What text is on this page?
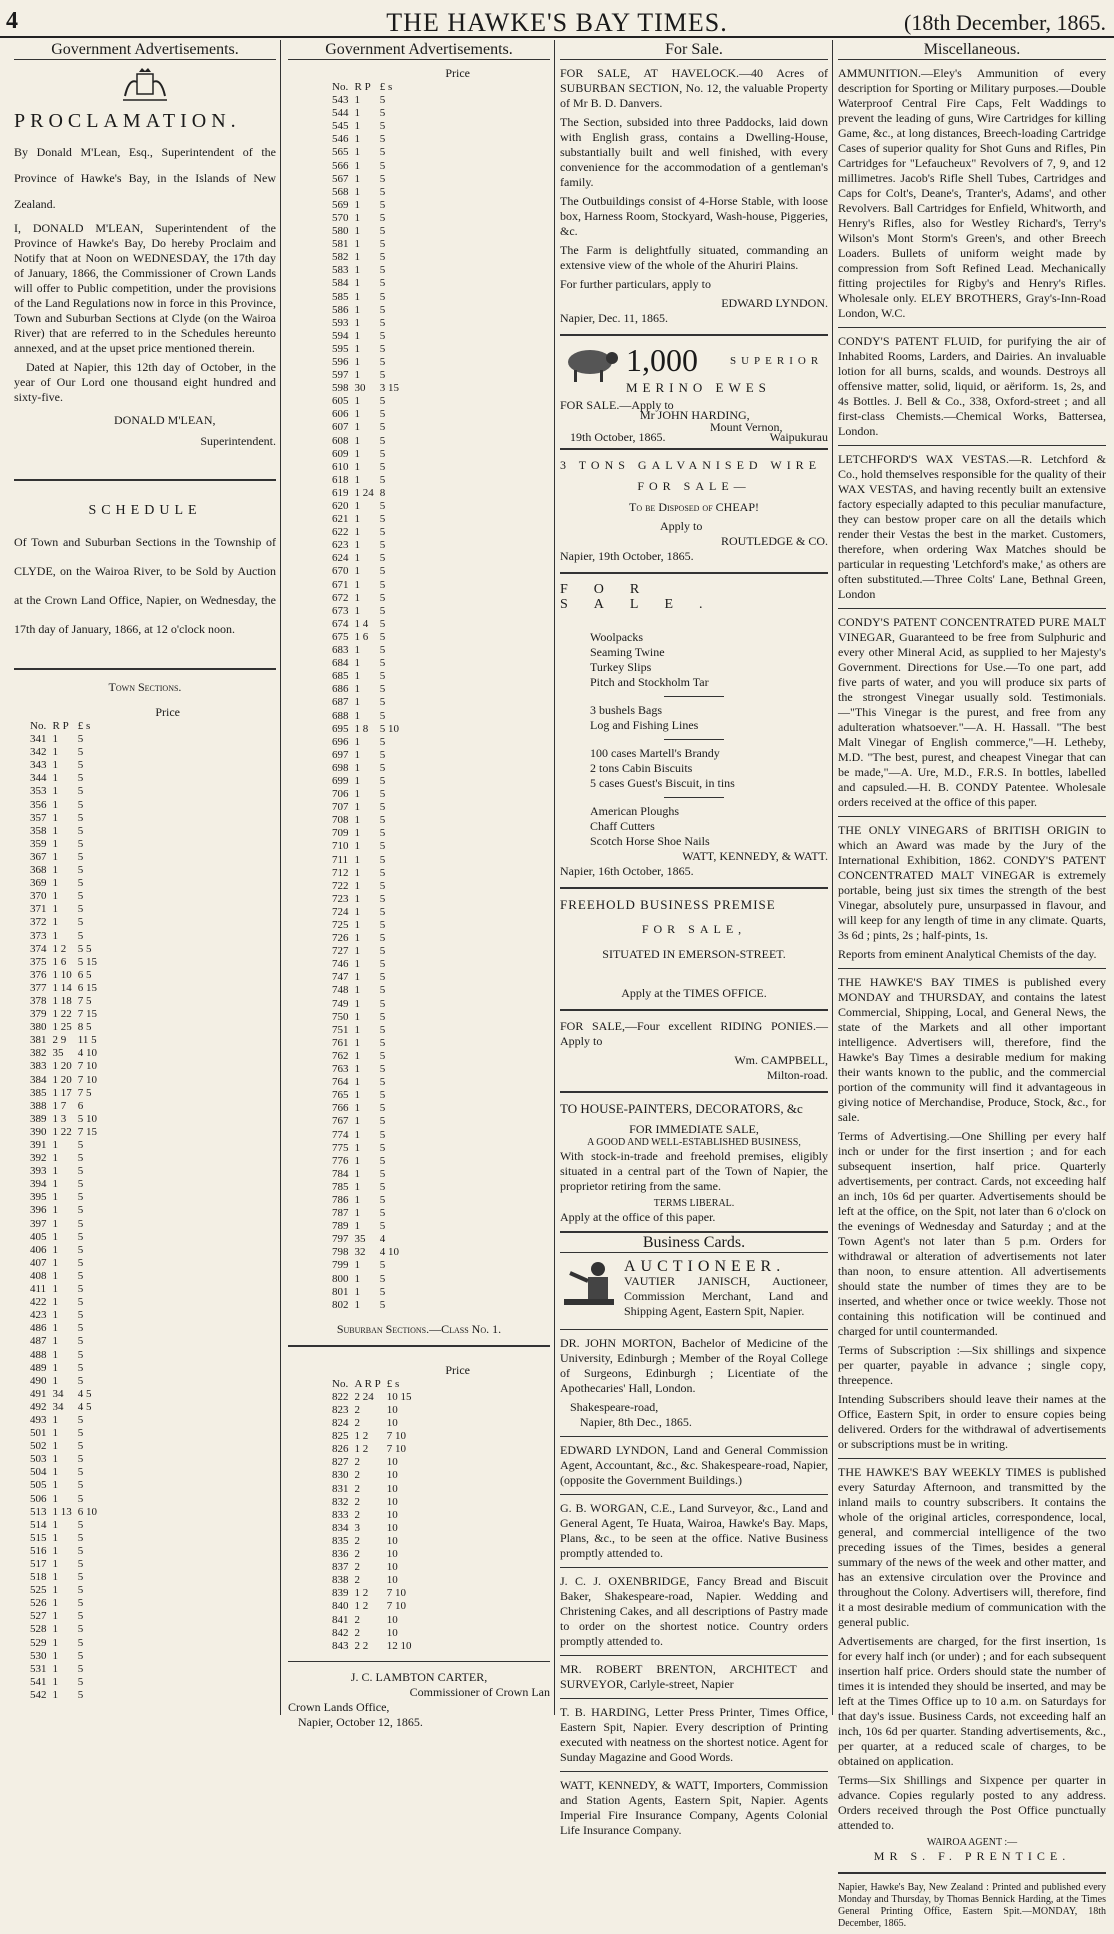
4	THE HAWKE'S BAY TIMES.	(18th December, 1865.
Government Advertisements.
PROCLAMATION.

By Donald M'Lean, Esq., Superintendent of the Province of Hawke's Bay, in the Islands of New Zealand.

I, DONALD M'LEAN, Superintendent of the Province of Hawke's Bay, Do hereby Proclaim and Notify that at Noon on WEDNESDAY, the 17th day of January, 1866, the Commissioner of Crown Lands will offer to Public competition, under the provisions of the Land Regulations now in force in this Province, Town and Suburban Sections at Clyde (on the Wairoa River) that are referred to in the Schedules hereunto annexed, and at the upset price mentioned therein.

Dated at Napier, this 12th day of October, in the year of Our Lord one thousand eight hundred and sixty-five.

DONALD M'LEAN,
Superintendent.
SCHEDULE

Of Town and Suburban Sections in the Township of CLYDE, on the Wairoa River, to be Sold by Auction at the Crown Land Office, Napier, on Wednesday, the 17th day of January, 1866, at 12 o'clock noon.

Town Sections.
Price
No.	R P	£ s
341	1	5
342	1	5
343	1	5
344	1	5
353	1	5
356	1	5
357	1	5
358	1	5
359	1	5
367	1	5
368	1	5
369	1	5
370	1	5
371	1	5
372	1	5
373	1	5
374	1 2	5 5
375	1 6	5 15
376	1 10	6 5
377	1 14	6 15
378	1 18	7 5
379	1 22	7 15
380	1 25	8 5
381	2 9	11 5
382	35	4 10
383	1 20	7 10
384	1 20	7 10
385	1 17	7 5
388	1 7	6
389	1 3	5 10
390	1 22	7 15
391	1	5
392	1	5
393	1	5
394	1	5
395	1	5
396	1	5
397	1	5
405	1	5
406	1	5
407	1	5
408	1	5
411	1	5
422	1	5
423	1	5
486	1	5
487	1	5
488	1	5
489	1	5
490	1	5
491	34	4 5
492	34	4 5
493	1	5
501	1	5
502	1	5
503	1	5
504	1	5
505	1	5
506	1	5
513	1 13	6 10
514	1	5
515	1	5
516	1	5
517	1	5
518	1	5
525	1	5
526	1	5
527	1	5
528	1	5
529	1	5
530	1	5
531	1	5
541	1	5
542	1	5
Government Advertisements.
Price
No.	R P	£ s
543	1	5
544	1	5
545	1	5
546	1	5
565	1	5
566	1	5
567	1	5
568	1	5
569	1	5
570	1	5
580	1	5
581	1	5
582	1	5
583	1	5
584	1	5
585	1	5
586	1	5
593	1	5
594	1	5
595	1	5
596	1	5
597	1	5
598	30	3 15
605	1	5
606	1	5
607	1	5
608	1	5
609	1	5
610	1	5
618	1	5
619	1 24	8
620	1	5
621	1	5
622	1	5
623	1	5
624	1	5
670	1	5
671	1	5
672	1	5
673	1	5
674	1 4	5
675	1 6	5
683	1	5
684	1	5
685	1	5
686	1	5
687	1	5
688	1	5
695	1 8	5 10
696	1	5
697	1	5
698	1	5
699	1	5
706	1	5
707	1	5
708	1	5
709	1	5
710	1	5
711	1	5
712	1	5
722	1	5
723	1	5
724	1	5
725	1	5
726	1	5
727	1	5
746	1	5
747	1	5
748	1	5
749	1	5
750	1	5
751	1	5
761	1	5
762	1	5
763	1	5
764	1	5
765	1	5
766	1	5
767	1	5
774	1	5
775	1	5
776	1	5
784	1	5
785	1	5
786	1	5
787	1	5
789	1	5
797	35	4
798	32	4 10
799	1	5
800	1	5
801	1	5
802	1	5
Suburban Sections.—Class No. 1.
Price
No.	A R P	£ s
822	2 24	10 15
823	2	10
824	2	10
825	1 2	7 10
826	1 2	7 10
827	2	10
830	2	10
831	2	10
832	2	10
833	2	10
834	3	10
835	2	10
836	2	10
837	2	10
838	2	10
839	1 2	7 10
840	1 2	7 10
841	2	10
842	2	10
843	2 2	12 10
J. C. LAMBTON CARTER,
Commissioner of Crown Lan
Crown Lands Office,
Napier, October 12, 1865.
For Sale.

FOR SALE, AT HAVELOCK.—40 Acres of SUBURBAN SECTION, No. 12, the valuable Property of Mr B. D. Danvers.

The Section, subsided into three Paddocks, laid down with English grass, contains a Dwelling-House, substantially built and well finished, with every convenience for the accommodation of a gentleman's family.

The Outbuildings consist of 4-Horse Stable, with loose box, Harness Room, Stockyard, Wash-house, Piggeries, &c.

The Farm is delightfully situated, commanding an extensive view of the whole of the Ahuriri Plains.

For further particulars, apply to

EDWARD LYNDON.
Napier, Dec. 11, 1865.
1,000	SUPERIOR
MERINO EWES
FOR SALE.—Apply to
Mr JOHN HARDING,
Mount Vernon,
19th October, 1865.	Waipukurau
3 TONS GALVANISED WIRE
FOR SALE—
To be Disposed of CHEAP!
Apply to
ROUTLEDGE & CO.
Napier, 19th October, 1865.
FOR SALE.
Woolpacks
Seaming Twine
Turkey Slips
Pitch and Stockholm Tar
3 bushels Bags
Log and Fishing Lines
100 cases Martell's Brandy
2 tons Cabin Biscuits
5 cases Guest's Biscuit, in tins
American Ploughs
Chaff Cutters
Scotch Horse Shoe Nails
WATT, KENNEDY, & WATT.
Napier, 16th October, 1865.
FREEHOLD BUSINESS PREMISE
FOR SALE,
SITUATED IN EMERSON-STREET.
Apply at the TIMES OFFICE.

FOR SALE,—Four excellent RIDING PONIES.—Apply to

Wm. CAMPBELL,
Milton-road.
TO HOUSE-PAINTERS, DECORATORS, &c
FOR IMMEDIATE SALE,
A GOOD AND WELL-ESTABLISHED BUSINESS,

With stock-in-trade and freehold premises, eligibly situated in a central part of the Town of Napier, the proprietor retiring from the same.

TERMS LIBERAL.
Apply at the office of this paper.
Business Cards.
AUCTIONEER.

VAUTIER JANISCH, Auctioneer, Commission Merchant, Land and Shipping Agent, Eastern Spit, Napier.

DR. JOHN MORTON, Bachelor of Medicine of the University, Edinburgh ; Member of the Royal College of Surgeons, Edinburgh ; Licentiate of the Apothecaries' Hall, London.

Shakespeare-road,
Napier, 8th Dec., 1865.

EDWARD LYNDON, Land and General Commission Agent, Accountant, &c., &c. Shakespeare-road, Napier, (opposite the Government Buildings.)

G. B. WORGAN, C.E., Land Surveyor, &c., Land and General Agent, Te Huata, Wairoa, Hawke's Bay. Maps, Plans, &c., to be seen at the office. Native Business promptly attended to.

J. C. J. OXENBRIDGE, Fancy Bread and Biscuit Baker, Shakespeare-road, Napier. Wedding and Christening Cakes, and all descriptions of Pastry made to order on the shortest notice. Country orders promptly attended to.

MR. ROBERT BRENTON, ARCHITECT and SURVEYOR, Carlyle-street, Napier

T. B. HARDING, Letter Press Printer, Times Office, Eastern Spit, Napier. Every description of Printing executed with neatness on the shortest notice. Agent for Sunday Magazine and Good Words.

WATT, KENNEDY, & WATT, Importers, Commission and Station Agents, Eastern Spit, Napier. Agents Imperial Fire Insurance Company, Agents Colonial Life Insurance Company.

Miscellaneous.

AMMUNITION.—Eley's Ammunition of every description for Sporting or Military purposes.—Double Waterproof Central Fire Caps, Felt Waddings to prevent the leading of guns, Wire Cartridges for killing Game, &c., at long distances, Breech-loading Cartridge Cases of superior quality for Shot Guns and Rifles, Pin Cartridges for "Lefaucheux" Revolvers of 7, 9, and 12 millimetres. Jacob's Rifle Shell Tubes, Cartridges and Caps for Colt's, Deane's, Tranter's, Adams', and other Revolvers. Ball Cartridges for Enfield, Whitworth, and Henry's Rifles, also for Westley Richard's, Terry's Wilson's Mont Storm's Green's, and other Breech Loaders. Bullets of uniform weight made by compression from Soft Refined Lead. Mechanically fitting projectiles for Rigby's and Henry's Rifles. Wholesale only. ELEY BROTHERS, Gray's-Inn-Road London, W.C.

CONDY'S PATENT FLUID, for purifying the air of Inhabited Rooms, Larders, and Dairies. An invaluable lotion for all burns, scalds, and wounds. Destroys all offensive matter, solid, liquid, or aëriform. 1s, 2s, and 4s Bottles. J. Bell & Co., 338, Oxford-street ; and all first-class Chemists.—Chemical Works, Battersea, London.

LETCHFORD'S WAX VESTAS.—R. Letchford & Co., hold themselves responsible for the quality of their WAX VESTAS, and having recently built an extensive factory especially adapted to this peculiar manufacture, they can bestow proper care on all the details which render their Vestas the best in the market. Customers, therefore, when ordering Wax Matches should be particular in requesting 'Letchford's make,' as others are often substituted.—Three Colts' Lane, Bethnal Green, London

CONDY'S PATENT CONCENTRATED PURE MALT VINEGAR, Guaranteed to be free from Sulphuric and every other Mineral Acid, as supplied to her Majesty's Government. Directions for Use.—To one part, add five parts of water, and you will produce six parts of the strongest Vinegar usually sold. Testimonials.—"This Vinegar is the purest, and free from any adulteration whatsoever."—A. H. Hassall. "The best Malt Vinegar of English commerce,"—H. Letheby, M.D. "The best, purest, and cheapest Vinegar that can be made,"—A. Ure, M.D., F.R.S. In bottles, labelled and capsuled.—H. B. CONDY Patentee. Wholesale orders received at the office of this paper.

THE ONLY VINEGARS of BRITISH ORIGIN to which an Award was made by the Jury of the International Exhibition, 1862. CONDY'S PATENT CONCENTRATED MALT VINEGAR is extremely portable, being just six times the strength of the best Vinegar, absolutely pure, unsurpassed in flavour, and will keep for any length of time in any climate. Quarts, 3s 6d ; pints, 2s ; half-pints, 1s.

Reports from eminent Analytical Chemists of the day.

THE HAWKE'S BAY TIMES is published every MONDAY and THURSDAY, and contains the latest Commercial, Shipping, Local, and General News, the state of the Markets and all other important intelligence. Advertisers will, therefore, find the Hawke's Bay Times a desirable medium for making their wants known to the public, and the commercial portion of the community will find it advantageous in giving notice of Merchandise, Produce, Stock, &c., for sale.

Terms of Advertising.—One Shilling per every half inch or under for the first insertion ; and for each subsequent insertion, half price. Quarterly advertisements, per contract. Cards, not exceeding half an inch, 10s 6d per quarter. Advertisements should be left at the office, on the Spit, not later than 6 o'clock on the evenings of Wednesday and Saturday ; and at the Town Agent's not later than 5 p.m. Orders for withdrawal or alteration of advertisements not later than noon, to ensure attention. All advertisements should state the number of times they are to be inserted, and whether once or twice weekly. Those not containing this notification will be continued and charged for until countermanded.

Terms of Subscription :—Six shillings and sixpence per quarter, payable in advance ; single copy, threepence.

Intending Subscribers should leave their names at the Office, Eastern Spit, in order to ensure copies being delivered. Orders for the withdrawal of advertisements or subscriptions must be in writing.

THE HAWKE'S BAY WEEKLY TIMES is published every Saturday Afternoon, and transmitted by the inland mails to country subscribers. It contains the whole of the original articles, correspondence, local, general, and commercial intelligence of the two preceding issues of the Times, besides a general summary of the news of the week and other matter, and has an extensive circulation over the Province and throughout the Colony. Advertisers will, therefore, find it a most desirable medium of communication with the general public.

Advertisements are charged, for the first insertion, 1s for every half inch (or under) ; and for each subsequent insertion half price. Orders should state the number of times it is intended they should be inserted, and may be left at the Times Office up to 10 a.m. on Saturdays for that day's issue. Business Cards, not exceeding half an inch, 10s 6d per quarter. Standing advertisements, &c., per quarter, at a reduced scale of charges, to be obtained on application.

Terms—Six Shillings and Sixpence per quarter in advance. Copies regularly posted to any address. Orders received through the Post Office punctually attended to.

WAIROA AGENT :—
MR S. F. PRENTICE.

Napier, Hawke's Bay, New Zealand : Printed and published every Monday and Thursday, by Thomas Bennick Harding, at the Times General Printing Office, Eastern Spit.—MONDAY, 18th December, 1865.
